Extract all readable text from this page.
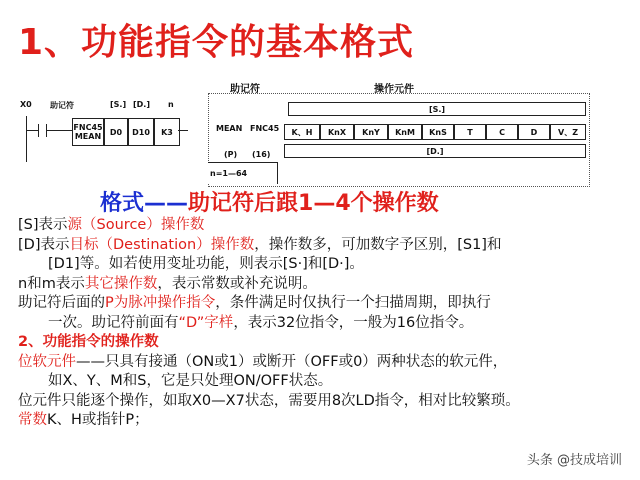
1、功能指令的基本格式
X0 助记符	[S.] [D.] n
FNC45
MEAN	D0	D10	K3
助记符	操作元件
[S.]
MEAN FNC45
(P) (16)
K、H	KnX	KnY	KnM	KnS	T	C	D	V、Z
n=1—64
[D.]
格式——助记符后跟1—4个操作数
[S]表示源（Source）操作数
[D]表示目标（Destination）操作数，操作数多，可加数字予区别，[S1]和
[D1]等。如若使用变址功能，则表示[S·]和[D·]。
n和m表示其它操作数，表示常数或补充说明。
助记符后面的P为脉冲操作指令，条件满足时仅执行一个扫描周期，即执行
一次。助记符前面有“D”字样，表示32位指令，一般为16位指令。
2、功能指令的操作数
位软元件——只具有接通（ON或1）或断开（OFF或0）两种状态的软元件，
如X、Y、M和S，它是只处理ON/OFF状态。
位元件只能逐个操作，如取X0—X7状态，需要用8次LD指令，相对比较繁琐。
常数K、H或指针P；
头条 @技成培训
